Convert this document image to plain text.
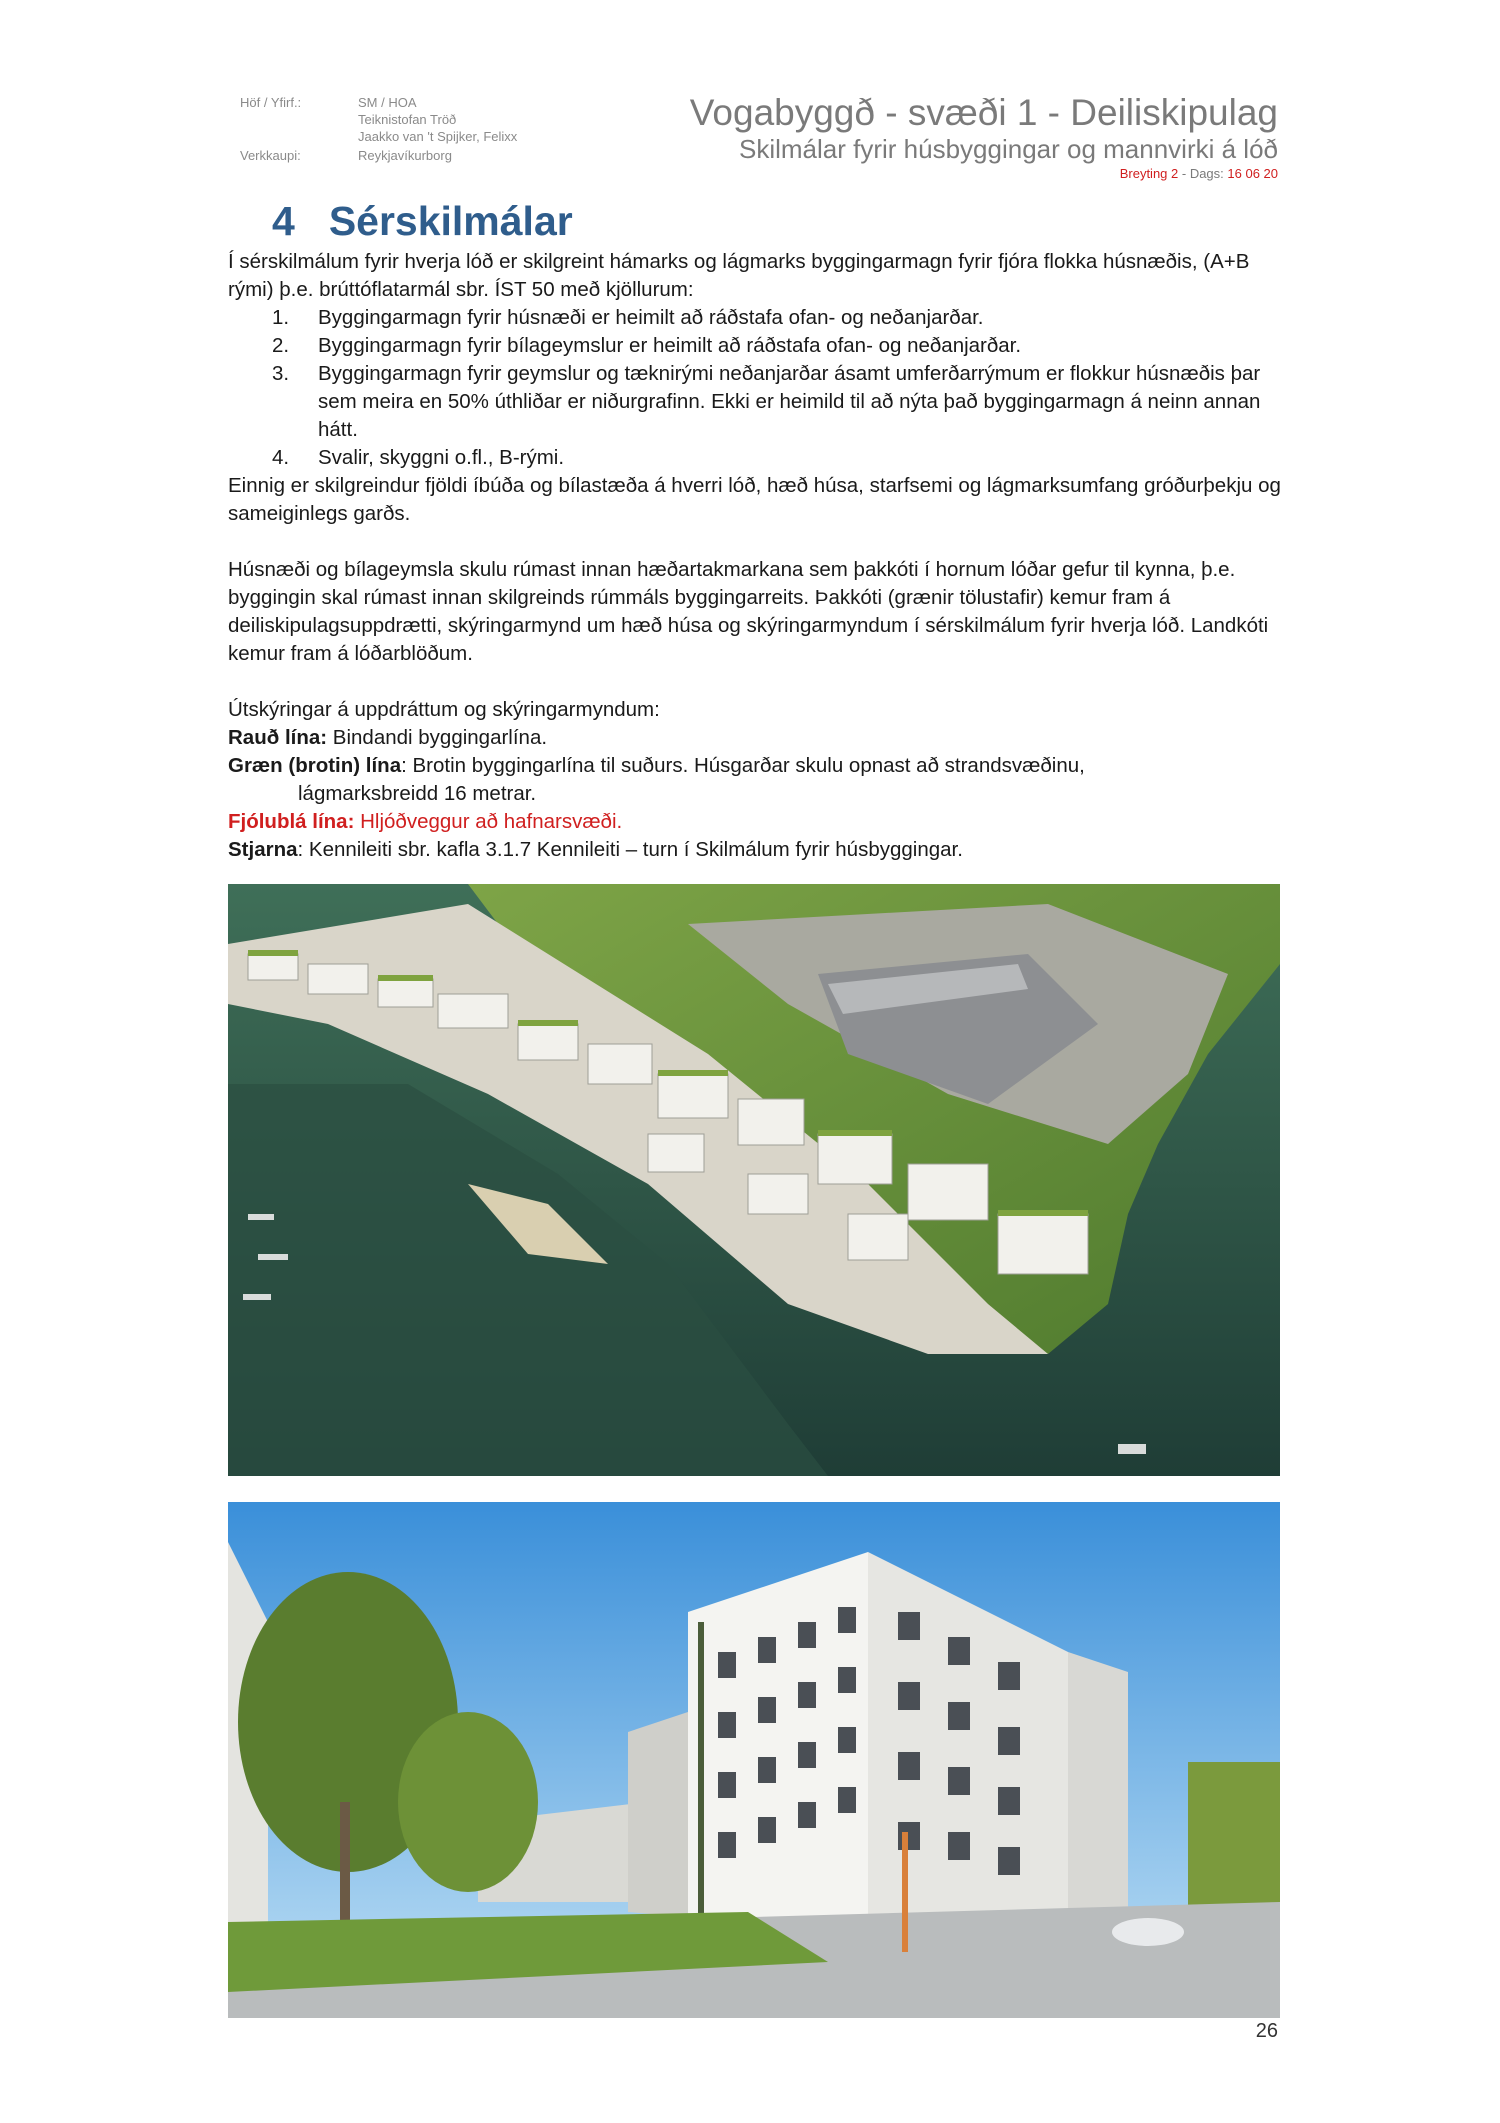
Höf / Yfirf.:	SM / HOA
Teiknistofan Tröð
Jaakko van 't Spijker, Felixx
Verkkaupi:	Reykjavíkurborg
Vogabyggð - svæði 1 - Deiliskipulag
Skilmálar fyrir húsbyggingar og mannvirki á lóð
Breyting 2 - Dags: 16 06 20
4 Sérskilmálar

Í sérskilmálum fyrir hverja lóð er skilgreint hámarks og lágmarks byggingarmagn fyrir fjóra flokka húsnæðis, (A+B rými) þ.e. brúttóflatarmál sbr. ÍST 50 með kjöllurum:

1.	Byggingarmagn fyrir húsnæði er heimilt að ráðstafa ofan- og neðanjarðar.
2.	Byggingarmagn fyrir bílageymslur er heimilt að ráðstafa ofan- og neðanjarðar.
3.	Byggingarmagn fyrir geymslur og tæknirými neðanjarðar ásamt umferðarrýmum er flokkur húsnæðis þar sem meira en 50% úthliðar er niðurgrafinn. Ekki er heimild til að nýta það byggingarmagn á neinn annan hátt.
4.	Svalir, skyggni o.fl., B-rými.

Einnig er skilgreindur fjöldi íbúða og bílastæða á hverri lóð, hæð húsa, starfsemi og lágmarksumfang gróðurþekju og sameiginlegs garðs.

Húsnæði og bílageymsla skulu rúmast innan hæðartakmarkana sem þakkóti í hornum lóðar gefur til kynna, þ.e. byggingin skal rúmast innan skilgreinds rúmmáls byggingarreits. Þakkóti (grænir tölustafir) kemur fram á deiliskipulagsuppdrætti, skýringarmynd um hæð húsa og skýringarmyndum í sérskilmálum fyrir hverja lóð. Landkóti kemur fram á lóðarblöðum.

Útskýringar á uppdráttum og skýringarmyndum:

Rauð lína: Bindandi byggingarlína.

Græn (brotin) lína: Brotin byggingarlína til suðurs. Húsgarðar skulu opnast að strandsvæðinu,

lágmarksbreidd 16 metrar.

Fjólublá lína: Hljóðveggur að hafnarsvæði.

Stjarna: Kennileiti sbr. kafla 3.1.7 Kennileiti – turn í Skilmálum fyrir húsbyggingar.

26
